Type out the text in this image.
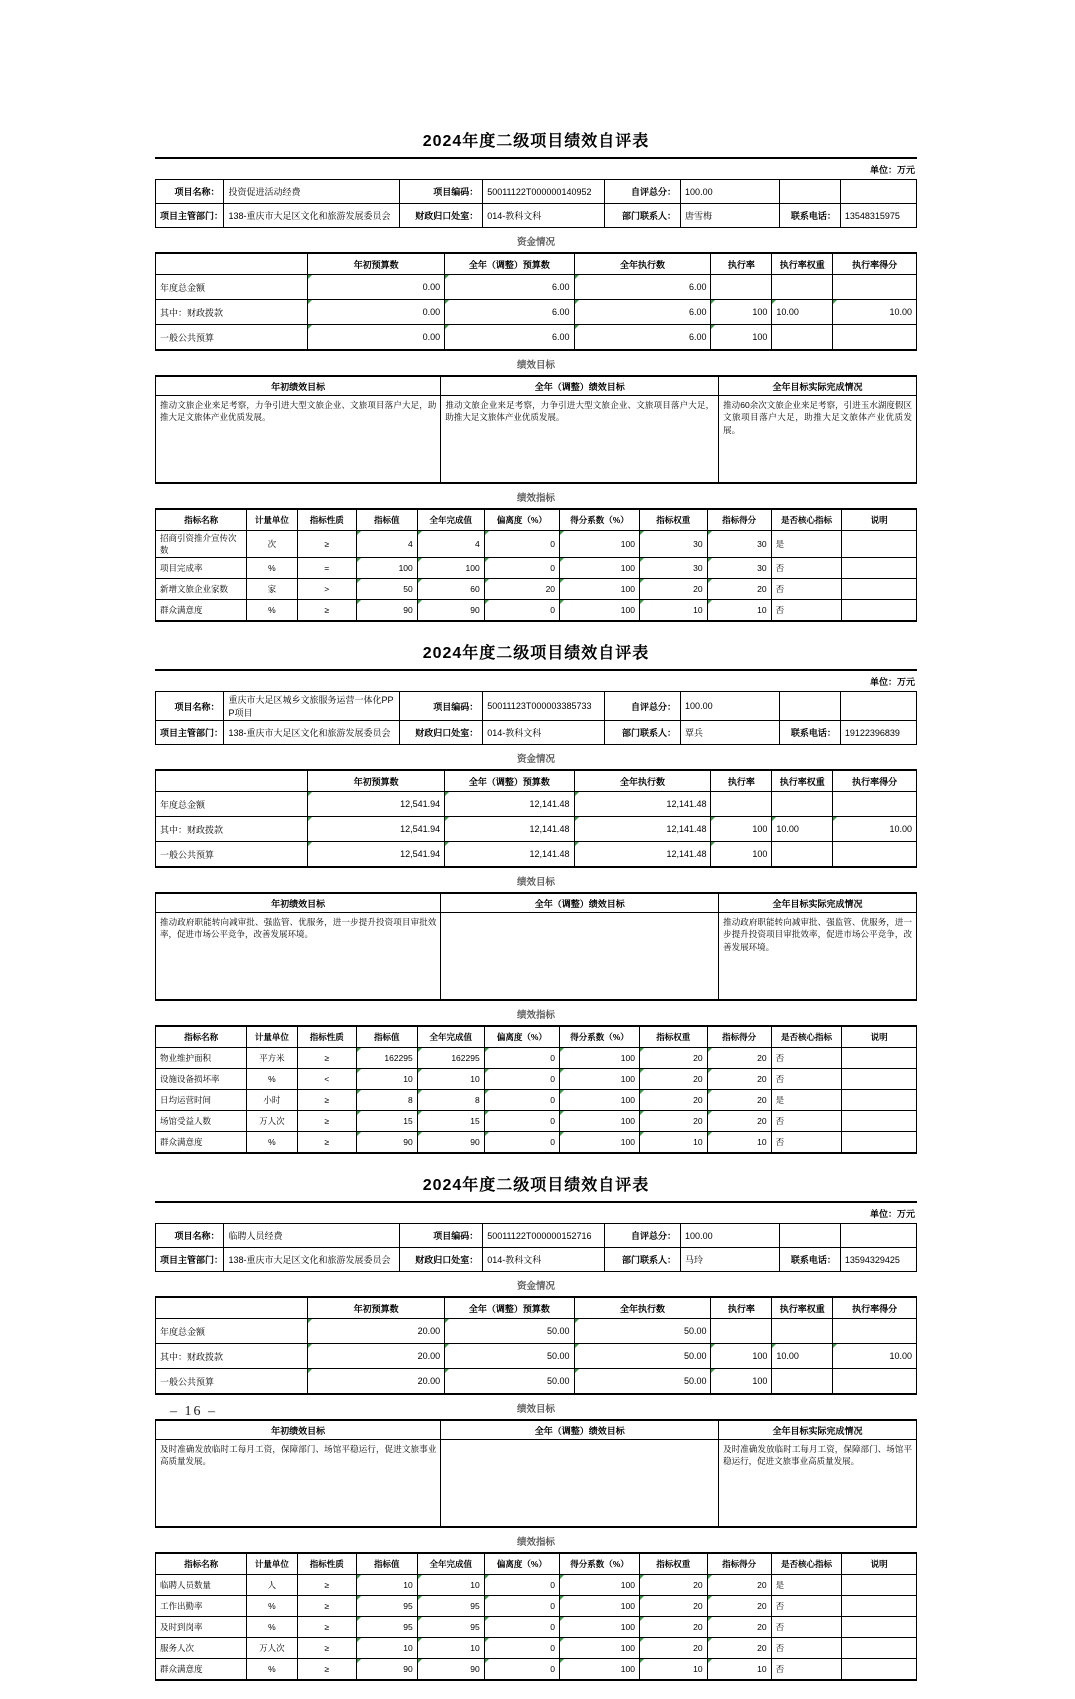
2024年度二级项目绩效自评表
单位：万元
项目名称：	投资促进活动经费	项目编码：	50011122T000000140952	自评总分：	100.00		
项目主管部门：	138-重庆市大足区文化和旅游发展委员会	财政归口处室：	014-教科文科	部门联系人：	唐雪梅	联系电话：	13548315975
资金情况
	年初预算数	全年（调整）预算数	全年执行数	执行率	执行率权重	执行率得分
年度总金额	0.00	6.00	6.00			
其中：财政拨款	0.00	6.00	6.00	100	10.00	10.00
一般公共预算	0.00	6.00	6.00	100		
绩效目标
年初绩效目标	全年（调整）绩效目标	全年目标实际完成情况
推动文旅企业来足考察，力争引进大型文旅企业、文旅项目落户大足，助推大足文旅体产业优质发展。	推动文旅企业来足考察，力争引进大型文旅企业、文旅项目落户大足，助推大足文旅体产业优质发展。	推动60余次文旅企业来足考察，引进玉水湖度假区文旅项目落户大足，助推大足文旅体产业优质发展。
绩效指标
指标名称	计量单位	指标性质	指标值	全年完成值	偏离度（%）	得分系数（%）	指标权重	指标得分	是否核心指标	说明
招商引资推介宣传次数	次	≥	4	4	0	100	30	30	是	
项目完成率	%	=	100	100	0	100	30	30	否	
新增文旅企业家数	家	>	50	60	20	100	20	20	否	
群众满意度	%	≥	90	90	0	100	10	10	否	
2024年度二级项目绩效自评表
单位：万元
项目名称：	重庆市大足区城乡文旅服务运营一体化PPP项目	项目编码：	50011123T000003385733	自评总分：	100.00		
项目主管部门：	138-重庆市大足区文化和旅游发展委员会	财政归口处室：	014-教科文科	部门联系人：	覃兵	联系电话：	19122396839
资金情况
	年初预算数	全年（调整）预算数	全年执行数	执行率	执行率权重	执行率得分
年度总金额	12,541.94	12,141.48	12,141.48			
其中：财政拨款	12,541.94	12,141.48	12,141.48	100	10.00	10.00
一般公共预算	12,541.94	12,141.48	12,141.48	100		
绩效目标
年初绩效目标	全年（调整）绩效目标	全年目标实际完成情况
推动政府职能转向减审批、强监管、优服务，进一步提升投资项目审批效率，促进市场公平竞争，改善发展环境。		推动政府职能转向减审批、强监管、优服务，进一步提升投资项目审批效率，促进市场公平竞争，改善发展环境。
绩效指标
指标名称	计量单位	指标性质	指标值	全年完成值	偏离度（%）	得分系数（%）	指标权重	指标得分	是否核心指标	说明
物业维护面积	平方米	≥	162295	162295	0	100	20	20	否	
设施设备损坏率	%	<	10	10	0	100	20	20	否	
日均运营时间	小时	≥	8	8	0	100	20	20	是	
场馆受益人数	万人次	≥	15	15	0	100	20	20	否	
群众满意度	%	≥	90	90	0	100	10	10	否	
2024年度二级项目绩效自评表
单位：万元
项目名称：	临聘人员经费	项目编码：	50011122T000000152716	自评总分：	100.00		
项目主管部门：	138-重庆市大足区文化和旅游发展委员会	财政归口处室：	014-教科文科	部门联系人：	马玲	联系电话：	13594329425
资金情况
	年初预算数	全年（调整）预算数	全年执行数	执行率	执行率权重	执行率得分
年度总金额	20.00	50.00	50.00			
其中：财政拨款	20.00	50.00	50.00	100	10.00	10.00
一般公共预算	20.00	50.00	50.00	100		
绩效目标
年初绩效目标	全年（调整）绩效目标	全年目标实际完成情况
及时准确发放临时工每月工资，保障部门、场馆平稳运行，促进文旅事业高质量发展。		及时准确发放临时工每月工资，保障部门、场馆平稳运行，促进文旅事业高质量发展。
绩效指标
指标名称	计量单位	指标性质	指标值	全年完成值	偏离度（%）	得分系数（%）	指标权重	指标得分	是否核心指标	说明
临聘人员数量	人	≥	10	10	0	100	20	20	是	
工作出勤率	%	≥	95	95	0	100	20	20	否	
及时到岗率	%	≥	95	95	0	100	20	20	否	
服务人次	万人次	≥	10	10	0	100	20	20	否	
群众满意度	%	≥	90	90	0	100	10	10	否	
– 16 –
